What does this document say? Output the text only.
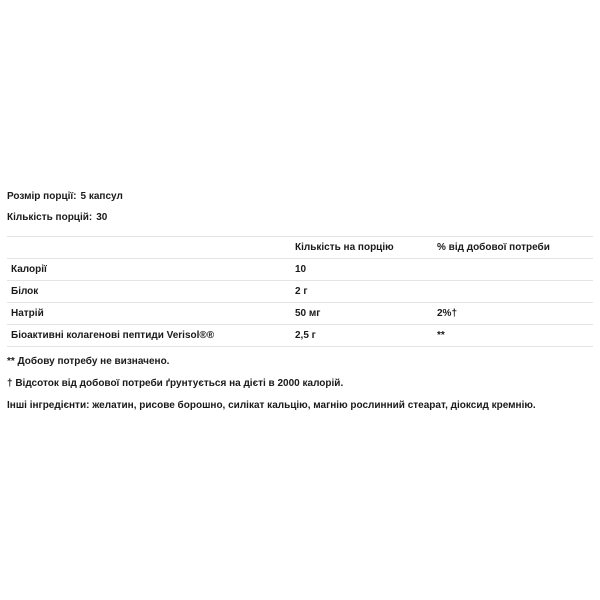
Розмір порції: 5 капсул
Кількість порцій: 30
	Кількість на порцію	% від добової потреби
Калорії	10	
Білок	2 г	
Натрій	50 мг	2%†
Біоактивні колагенові пептиди Verisol®®	2,5 г	**
** Добову потребу не визначено.
† Відсоток від добової потреби ґрунтується на дієті в 2000 калорій.
Інші інгредієнти: желатин, рисове борошно, силікат кальцію, магнію рослинний стеарат, діоксид кремнію.
